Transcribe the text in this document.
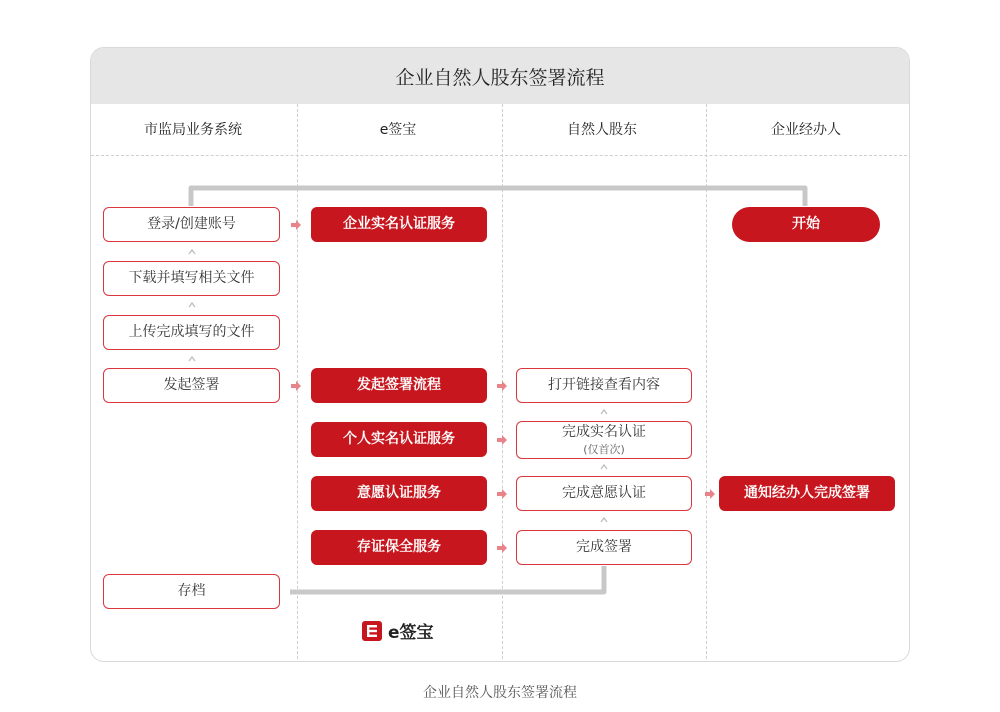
企业自然人股东签署流程
市监局业务系统	e签宝	自然人股东	企业经办人
登录/创建账号
下载并填写相关文件
上传完成填写的文件
发起签署
存档
企业实名认证服务
发起签署流程
个人实名认证服务
意愿认证服务
存证保全服务
打开链接查看内容
完成实名认证
(仅首次)
完成意愿认证
完成签署
开始
通知经办人完成签署
e签宝
企业自然人股东签署流程
